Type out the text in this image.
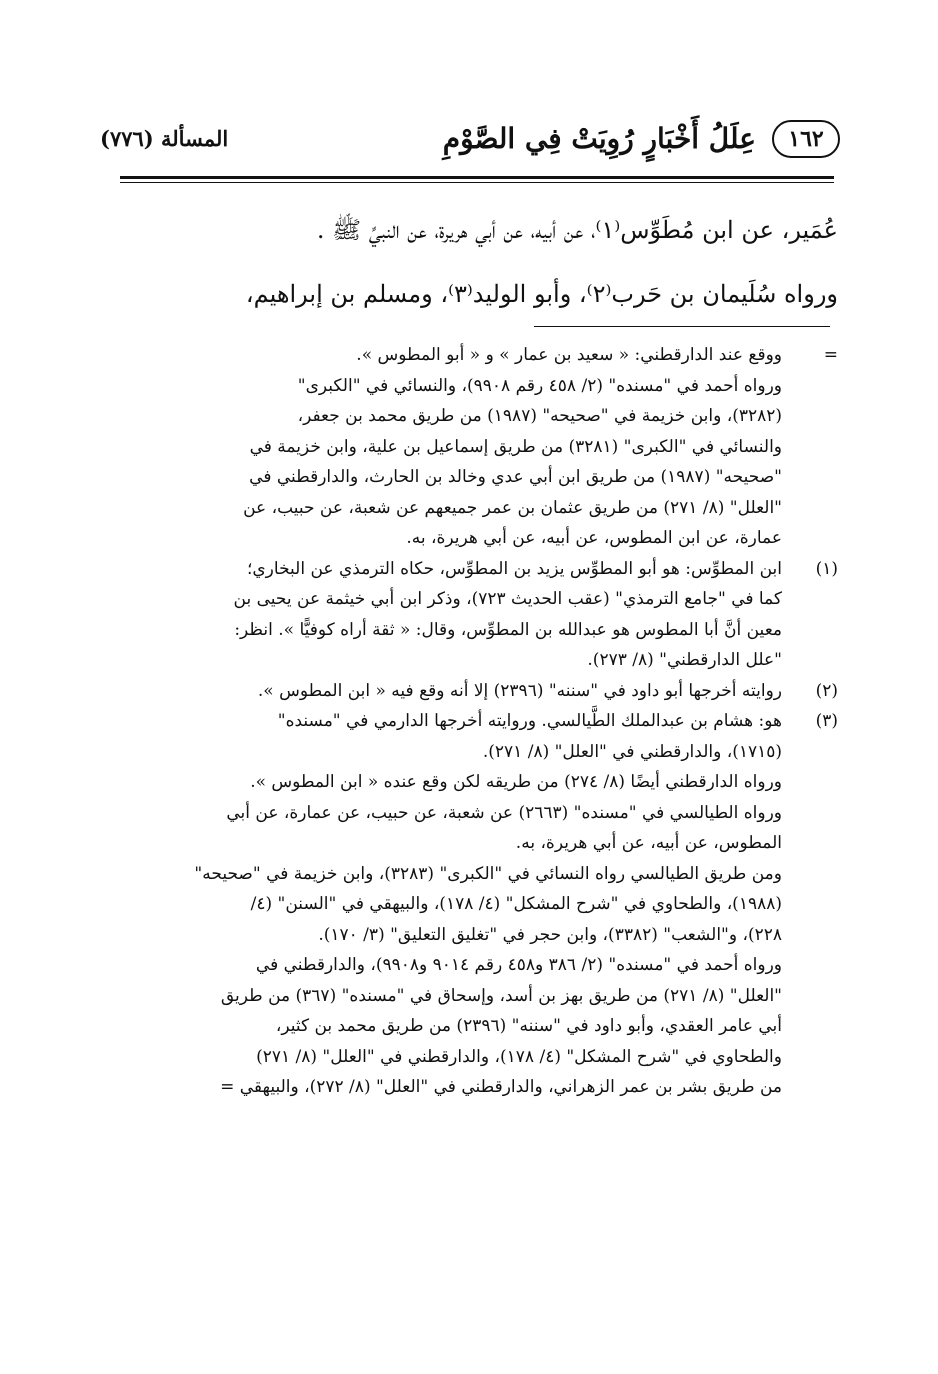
١٦٢
عِلَلُ أَخْبَارٍ رُوِيَتْ فِي الصَّوْمِ
المسألة (٧٧٦)
عُمَير، عن ابن مُطَوِّس⁽١⁾، عن أبيه، عن أبي هريرة، عن النبيِّ ﷺ .
ورواه سُلَيمان بن حَرب⁽٢⁾، وأبو الوليد⁽٣⁾، ومسلم بن إبراهيم،
=
ووقع عند الدارقطني: « سعيد بن عمار » و « أبو المطوس ».
ورواه أحمد في "مسنده" (٢/ ٤٥٨ رقم ٩٩٠٨)، والنسائي في "الكبرى"
(٣٢٨٢)، وابن خزيمة في "صحيحه" (١٩٨٧) من طريق محمد بن جعفر،
والنسائي في "الكبرى" (٣٢٨١) من طريق إسماعيل بن علية، وابن خزيمة في
"صحيحه" (١٩٨٧) من طريق ابن أبي عدي وخالد بن الحارث، والدارقطني في
"العلل" (٨/ ٢٧١) من طريق عثمان بن عمر جميعهم عن شعبة، عن حبيب، عن
عمارة، عن ابن المطوس، عن أبيه، عن أبي هريرة، به.
(١)
ابن المطوِّس: هو أبو المطوِّس يزيد بن المطوِّس، حكاه الترمذي عن البخاري؛
كما في "جامع الترمذي" (عقب الحديث ٧٢٣)، وذكر ابن أبي خيثمة عن يحيى بن
معين أنَّ أبا المطوس هو عبدالله بن المطوِّس، وقال: « ثقة أراه كوفيًّا ». انظر:
"علل الدارقطني" (٨/ ٢٧٣).
(٢)
روايته أخرجها أبو داود في "سننه" (٢٣٩٦) إلا أنه وقع فيه « ابن المطوس ».
(٣)
هو: هشام بن عبدالملك الطَّيالسي. وروايته أخرجها الدارمي في "مسنده"
(١٧١٥)، والدارقطني في "العلل" (٨/ ٢٧١).
ورواه الدارقطني أيضًا (٨/ ٢٧٤) من طريقه لكن وقع عنده « ابن المطوس ».
ورواه الطيالسي في "مسنده" (٢٦٦٣) عن شعبة، عن حبيب، عن عمارة، عن أبي
المطوس، عن أبيه، عن أبي هريرة، به.
ومن طريق الطيالسي رواه النسائي في "الكبرى" (٣٢٨٣)، وابن خزيمة في "صحيحه"
(١٩٨٨)، والطحاوي في "شرح المشكل" (٤/ ١٧٨)، والبيهقي في "السنن" (٤/
٢٢٨)، و"الشعب" (٣٣٨٢)، وابن حجر في "تغليق التعليق" (٣/ ١٧٠).
ورواه أحمد في "مسنده" (٢/ ٣٨٦ و٤٥٨ رقم ٩٠١٤ و٩٩٠٨)، والدارقطني في
"العلل" (٨/ ٢٧١) من طريق بهز بن أسد، وإسحاق في "مسنده" (٣٦٧) من طريق
أبي عامر العقدي، وأبو داود في "سننه" (٢٣٩٦) من طريق محمد بن كثير،
والطحاوي في "شرح المشكل" (٤/ ١٧٨)، والدارقطني في "العلل" (٨/ ٢٧١)
من طريق بشر بن عمر الزهراني، والدارقطني في "العلل" (٨/ ٢٧٢)، والبيهقي =
